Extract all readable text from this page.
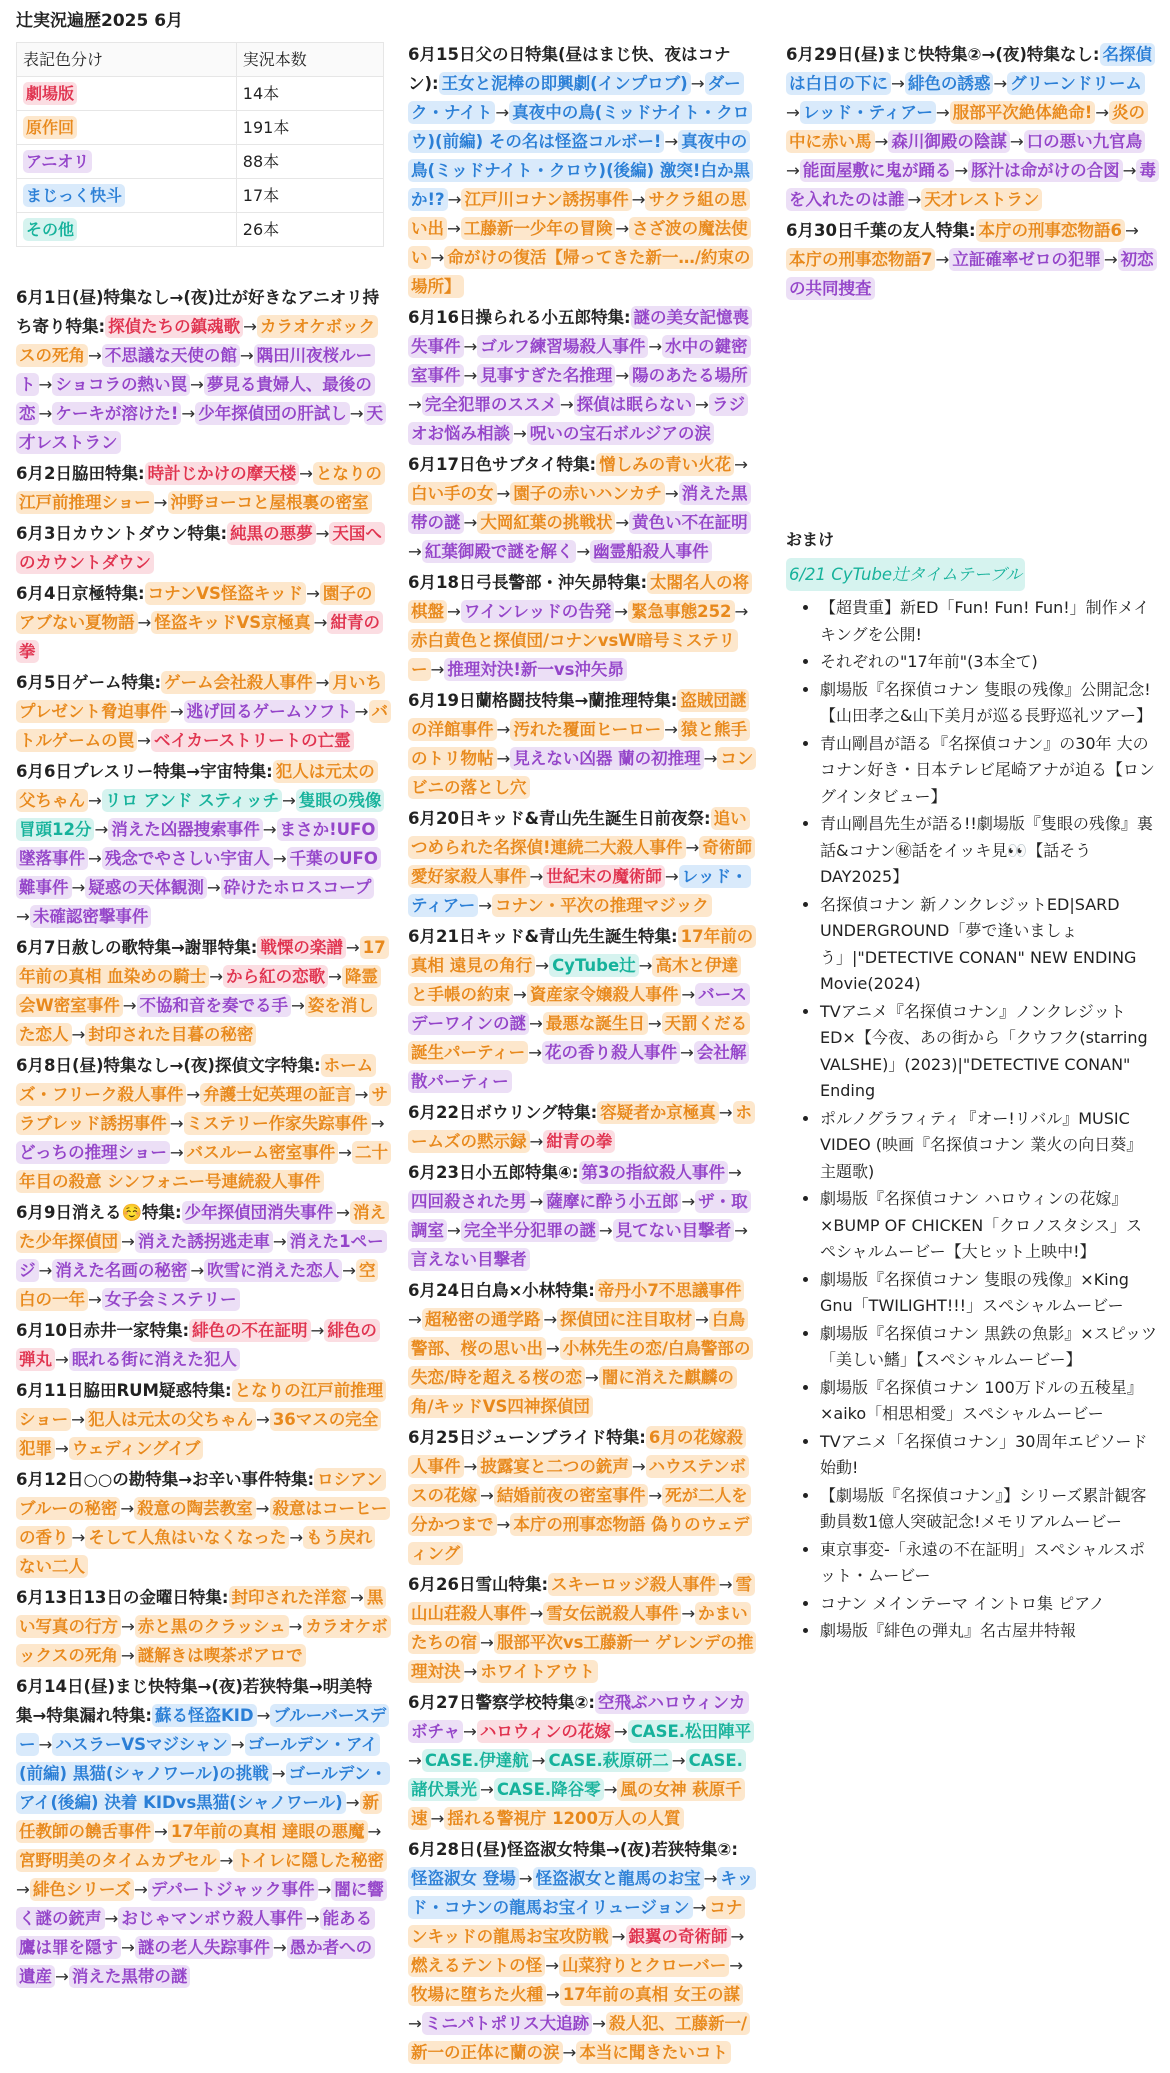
辻実況遍歴2025 6月
表記色分け	実況本数
劇場版	14本
原作回	191本
アニオリ	88本
まじっく快斗	17本
その他	26本
6月1日(昼)特集なし→(夜)辻が好きなアニオリ持ち寄り特集: 探偵たちの鎮魂歌 → カラオケボックスの死角 → 不思議な天使の館 → 隅田川夜桜ルート → ショコラの熱い罠 → 夢見る貴婦人、最後の恋 → ケーキが溶けた! → 少年探偵団の肝試し → 天才レストラン
6月2日脇田特集: 時計じかけの摩天楼 → となりの江戸前推理ショー → 沖野ヨーコと屋根裏の密室
6月3日カウントダウン特集: 純黒の悪夢 → 天国へのカウントダウン
6月4日京極特集: コナンVS怪盗キッド → 園子のアブない夏物語 → 怪盗キッドVS京極真 → 紺青の拳
6月5日ゲーム特集: ゲーム会社殺人事件 → 月いちプレゼント脅迫事件 → 逃げ回るゲームソフト → バトルゲームの罠 → ベイカーストリートの亡霊
6月6日プレスリー特集→宇宙特集: 犯人は元太の父ちゃん → リロ アンド スティッチ → 隻眼の残像冒頭12分 → 消えた凶器捜索事件 → まさか!UFO墜落事件 → 残念でやさしい宇宙人 → 千葉のUFO難事件 → 疑惑の天体観測 → 砕けたホロスコープ→ 未確認密撃事件
6月7日赦しの歌特集→謝罪特集: 戦慄の楽譜 → 17年前の真相 血染めの騎士 → から紅の恋歌 → 降霊会W密室事件 → 不協和音を奏でる手 → 姿を消した恋人 → 封印された目暮の秘密
6月8日(昼)特集なし→(夜)探偵文字特集: ホームズ・フリーク殺人事件 → 弁護士妃英理の証言 → サラブレッド誘拐事件 → ミステリー作家失踪事件 →どっちの推理ショー → バスルーム密室事件 → 二十年目の殺意 シンフォニー号連続殺人事件
6月9日消える☺️特集: 少年探偵団消失事件 → 消えた少年探偵団 → 消えた誘拐逃走車 → 消えた1ページ → 消えた名画の秘密 → 吹雪に消えた恋人 → 空白の一年 → 女子会ミステリー
6月10日赤井一家特集: 緋色の不在証明 → 緋色の弾丸 → 眠れる街に消えた犯人
6月11日脇田RUM疑惑特集: となりの江戸前推理ショー → 犯人は元太の父ちゃん → 36マスの完全犯罪 → ウェディングイブ
6月12日○○の勘特集→お辛い事件特集: ロシアンブルーの秘密 → 殺意の陶芸教室 → 殺意はコーヒーの香り → そして人魚はいなくなった → もう戻れない二人
6月13日13日の金曜日特集: 封印された洋窓 → 黒い写真の行方 → 赤と黒のクラッシュ → カラオケボックスの死角 → 謎解きは喫茶ポアロで
6月14日(昼)まじ快特集→(夜)若狭特集→明美特集→特集漏れ特集: 蘇る怪盗KID → ブルーバースデー → ハスラーVSマジシャン → ゴールデン・アイ(前編) 黒猫(シャノワール)の挑戦 → ゴールデン・アイ(後編) 決着 KIDvs黒猫(シャノワール) → 新任教師の饒舌事件 → 17年前の真相 達眼の悪魔 →宮野明美のタイムカプセル → トイレに隠した秘密→ 緋色シリーズ → デパートジャック事件 → 闇に響く謎の銃声 → おじゃマンボウ殺人事件 → 能ある鷹は罪を隠す → 謎の老人失踪事件 → 愚か者への遺産 → 消えた黒帯の謎
6月15日父の日特集(昼はまじ快、夜はコナン): 王女と泥棒の即興劇(インプロブ) → ダーク・ナイト → 真夜中の鳥(ミッドナイト・クロウ)(前編) その名は怪盗コルボー! → 真夜中の鳥(ミッドナイト・クロウ)(後編) 激突!白か黒か!? → 江戸川コナン誘拐事件 → サクラ組の思い出 → 工藤新一少年の冒険 → さざ波の魔法使い → 命がけの復活【帰ってきた新一…/約束の場所】
6月16日操られる小五郎特集: 謎の美女記憶喪失事件 → ゴルフ練習場殺人事件 → 水中の鍵密室事件 → 見事すぎた名推理 → 陽のあたる場所→ 完全犯罪のススメ → 探偵は眠らない → ラジオお悩み相談 → 呪いの宝石ボルジアの涙
6月17日色サブタイ特集: 憎しみの青い火花 →白い手の女 → 園子の赤いハンカチ → 消えた黒帯の謎 → 大岡紅葉の挑戦状 → 黄色い不在証明→ 紅葉御殿で謎を解く → 幽霊船殺人事件
6月18日弓長警部・沖矢昴特集: 太閤名人の将棋盤 → ワインレッドの告発 → 緊急事態252 →赤白黄色と探偵団/コナンvsW暗号ミステリー → 推理対決!新一vs沖矢昴
6月19日蘭格闘技特集→蘭推理特集: 盗賊団謎の洋館事件 → 汚れた覆面ヒーロー → 猿と熊手のトリ物帖 → 見えない凶器 蘭の初推理 → コンビニの落とし穴
6月20日キッド&青山先生誕生日前夜祭: 追いつめられた名探偵!連続二大殺人事件 → 奇術師愛好家殺人事件 → 世紀末の魔術師 → レッド・ティアー → コナン・平次の推理マジック
6月21日キッド&青山先生誕生特集: 17年前の真相 遠見の角行 → CyTube辻 → 高木と伊達と手帳の約束 → 資産家令嬢殺人事件 → バースデーワインの謎 → 最悪な誕生日 → 天罰くだる誕生パーティー → 花の香り殺人事件 → 会社解散パーティー
6月22日ボウリング特集: 容疑者か京極真 → ホームズの黙示録 → 紺青の拳
6月23日小五郎特集④: 第3の指紋殺人事件 →四回殺された男 → 薩摩に酔う小五郎 → ザ・取調室 → 完全半分犯罪の謎 → 見てない目撃者 →言えない目撃者
6月24日白鳥×小林特集: 帝丹小7不思議事件→ 超秘密の通学路 → 探偵団に注目取材 → 白鳥警部、桜の思い出 → 小林先生の恋/白鳥警部の失恋/時を超える桜の恋 → 闇に消えた麒麟の角/キッドVS四神探偵団
6月25日ジューンブライド特集: 6月の花嫁殺人事件 → 披露宴と二つの銃声 → ハウステンボスの花嫁 → 結婚前夜の密室事件 → 死が二人を分かつまで → 本庁の刑事恋物語 偽りのウェディング
6月26日雪山特集: スキーロッジ殺人事件 → 雪山山荘殺人事件 → 雪女伝説殺人事件 → かまいたちの宿 → 服部平次vs工藤新一 ゲレンデの推理対決 → ホワイトアウト
6月27日警察学校特集②: 空飛ぶハロウィンカボチャ → ハロウィンの花嫁 → CASE.松田陣平→ CASE.伊達航 → CASE.萩原研二 → CASE.諸伏景光 → CASE.降谷零 → 風の女神 萩原千速 → 揺れる警視庁 1200万人の人質
6月28日(昼)怪盗淑女特集→(夜)若狭特集②:怪盗淑女 登場 → 怪盗淑女と龍馬のお宝 → キッド・コナンの龍馬お宝イリュージョン → コナンキッドの龍馬お宝攻防戦 → 銀翼の奇術師 →燃えるテントの怪 → 山菜狩りとクローバー →牧場に堕ちた火種 → 17年前の真相 女王の謀→ ミニパトポリス大追跡 → 殺人犯、工藤新一/新一の正体に蘭の涙 → 本当に聞きたいコト
6月29日(昼)まじ快特集②→(夜)特集なし: 名探偵は白日の下に → 緋色の誘惑 → グリーンドリーム→ レッド・ティアー → 服部平次絶体絶命! → 炎の中に赤い馬 → 森川御殿の陰謀 → 口の悪い九官鳥→ 能面屋敷に鬼が踊る → 豚汁は命がけの合図 → 毒を入れたのは誰 → 天才レストラン
6月30日千葉の友人特集: 本庁の刑事恋物語6 →本庁の刑事恋物語7 → 立証確率ゼロの犯罪 → 初恋の共同捜査
おまけ
6/21 CyTube辻タイムテーブル
• 【超貴重】新ED「Fun! Fun! Fun!」制作メイキングを公開!
• それぞれの"17年前"(3本全て)
• 劇場版『名探偵コナン 隻眼の残像』公開記念!【山田孝之&山下美月が巡る長野巡礼ツアー】
• 青山剛昌が語る『名探偵コナン』の30年 大のコナン好き・日本テレビ尾崎アナが迫る【ロングインタビュー】
• 青山剛昌先生が語る!!劇場版『隻眼の残像』裏話&コナン㊙話をイッキ見👀【話そうDAY2025】
• 名探偵コナン 新ノンクレジットED|SARD UNDERGROUND「夢で逢いましょう」|"DETECTIVE CONAN" NEW ENDING Movie(2024)
• TVアニメ『名探偵コナン』ノンクレジットED×【今夜、あの街から「クウフク(starring VALSHE)」(2023)|"DETECTIVE CONAN" Ending
• ポルノグラフィティ『オー!リバル』MUSIC VIDEO (映画『名探偵コナン 業火の向日葵』主題歌)
• 劇場版『名探偵コナン ハロウィンの花嫁』×BUMP OF CHICKEN「クロノスタシス」スペシャルムービー【大ヒット上映中!】
• 劇場版『名探偵コナン 隻眼の残像』×King Gnu「TWILIGHT!!!」スペシャルムービー
• 劇場版『名探偵コナン 黒鉄の魚影』×スピッツ「美しい鰭」【スペシャルムービー】
• 劇場版『名探偵コナン 100万ドルの五稜星』×aiko「相思相愛」スペシャルムービー
• TVアニメ「名探偵コナン」30周年エピソード始動!
• 【劇場版『名探偵コナン』】シリーズ累計観客動員数1億人突破記念!メモリアルムービー
• 東京事変-「永遠の不在証明」スペシャルスポット・ムービー
• コナン メインテーマ イントロ集 ピアノ
• 劇場版『緋色の弾丸』名古屋井特報
